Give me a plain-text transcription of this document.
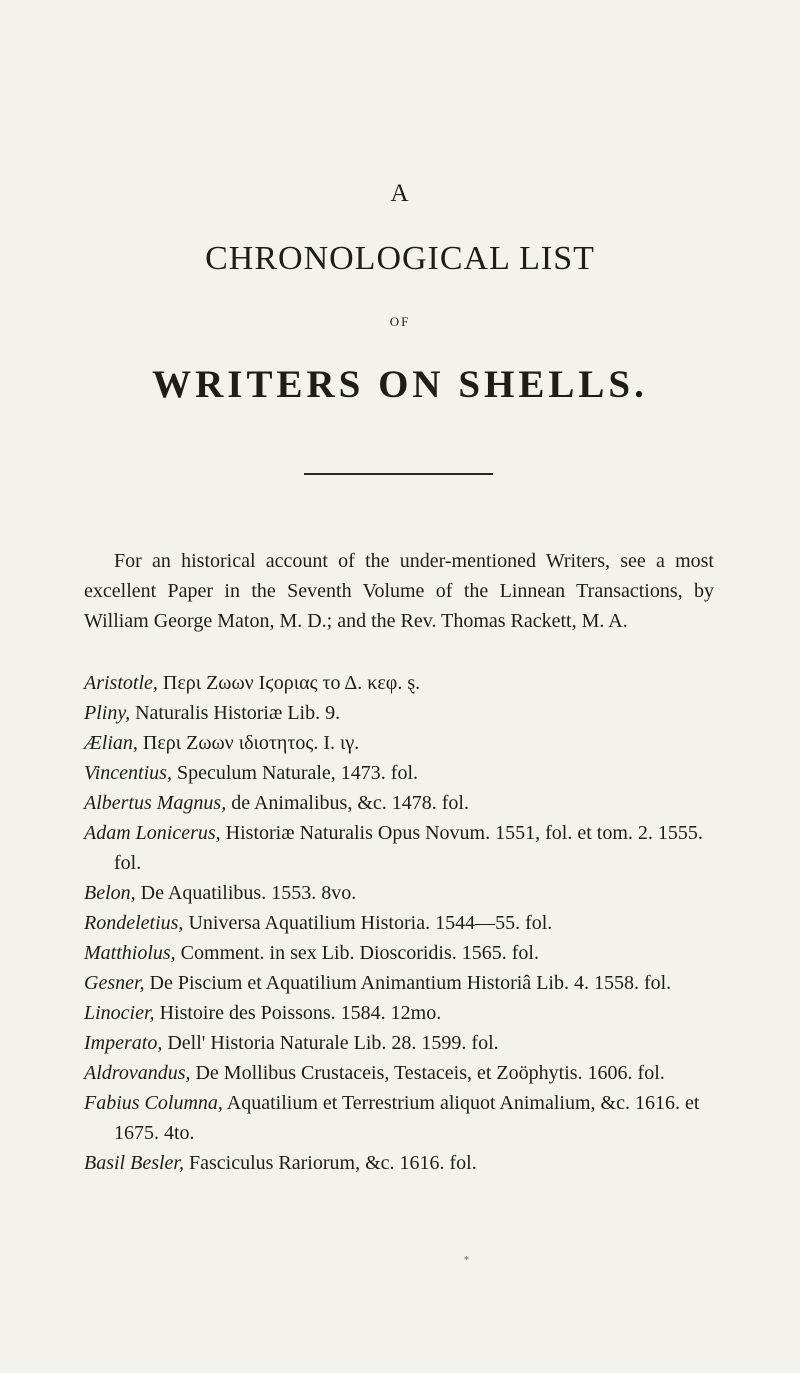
A
CHRONOLOGICAL LIST
OF
WRITERS ON SHELLS.

For an historical account of the under-mentioned Writers, see a most excellent Paper in the Seventh Volume of the Linnean Transactions, by William George Maton, M. D.; and the Rev. Thomas Rackett, M. A.

Aristotle, Περι Ζωων Ιϛοριας το Δ. κεφ. ȿ.
Pliny, Naturalis Historiæ Lib. 9.
Ælian, Περι Ζωων ιδιοτητος. I. ιγ.
Vincentius, Speculum Naturale, 1473. fol.
Albertus Magnus, de Animalibus, &c. 1478. fol.
Adam Lonicerus, Historiæ Naturalis Opus Novum. 1551, fol. et tom. 2. 1555. fol.
Belon, De Aquatilibus. 1553. 8vo.
Rondeletius, Universa Aquatilium Historia. 1544—55. fol.
Matthiolus, Comment. in sex Lib. Dioscoridis. 1565. fol.
Gesner, De Piscium et Aquatilium Animantium Historiâ Lib. 4. 1558. fol.
Linocier, Histoire des Poissons. 1584. 12mo.
Imperato, Dell' Historia Naturale Lib. 28. 1599. fol.
Aldrovandus, De Mollibus Crustaceis, Testaceis, et Zoöphytis. 1606. fol.
Fabius Columna, Aquatilium et Terrestrium aliquot Animalium, &c. 1616. et 1675. 4to.
Basil Besler, Fasciculus Rariorum, &c. 1616. fol.
*
